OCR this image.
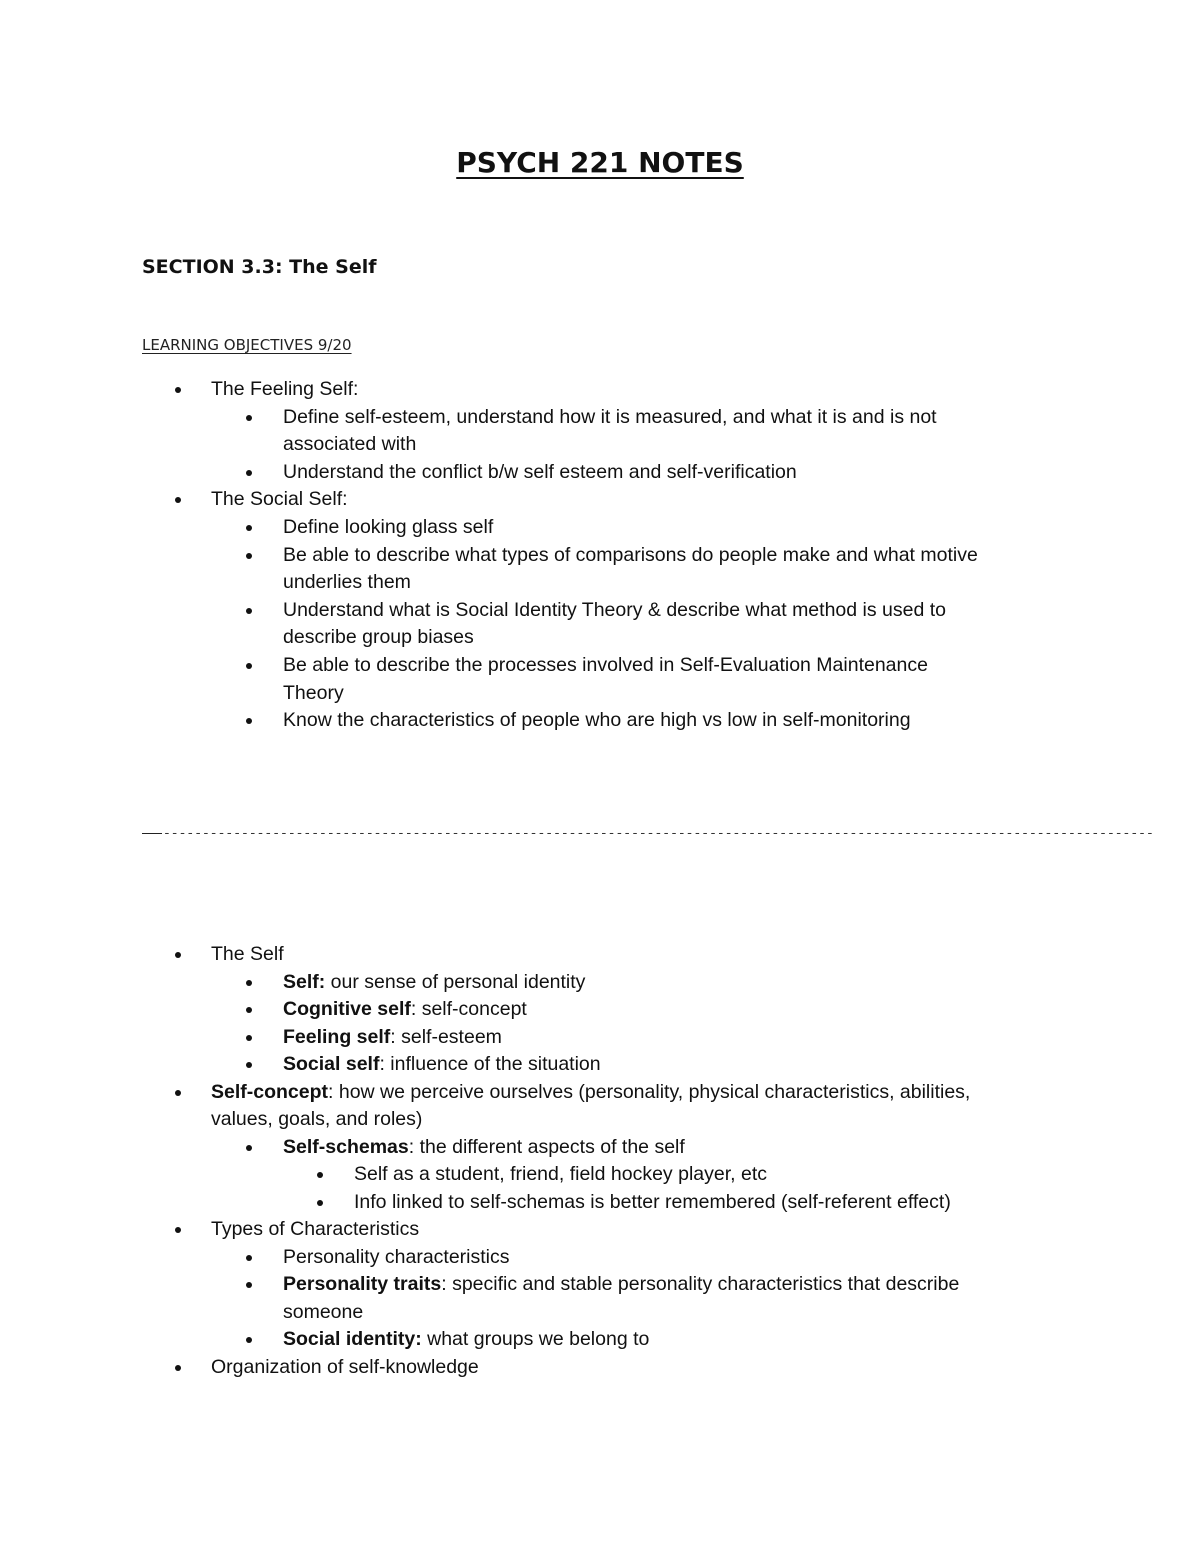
PSYCH 221 NOTES
SECTION 3.3: The Self
LEARNING OBJECTIVES 9/20
The Feeling Self:
Define self-esteem, understand how it is measured, and what it is and is not
associated with
Understand the conflict b/w self esteem and self-verification
The Social Self:
Define looking glass self
Be able to describe what types of comparisons do people make and what motive
underlies them
Understand what is Social Identity Theory & describe what method is used to
describe group biases
Be able to describe the processes involved in Self-Evaluation Maintenance
Theory
Know the characteristics of people who are high vs low in self-monitoring
-------------------------------------------------------------------------------------------------------------------------------
The Self
Self: our sense of personal identity
Cognitive self: self-concept
Feeling self: self-esteem
Social self: influence of the situation
Self-concept: how we perceive ourselves (personality, physical characteristics, abilities,
values, goals, and roles)
Self-schemas: the different aspects of the self
Self as a student, friend, field hockey player, etc
Info linked to self-schemas is better remembered (self-referent effect)
Types of Characteristics
Personality characteristics
Personality traits: specific and stable personality characteristics that describe
someone
Social identity: what groups we belong to
Organization of self-knowledge
